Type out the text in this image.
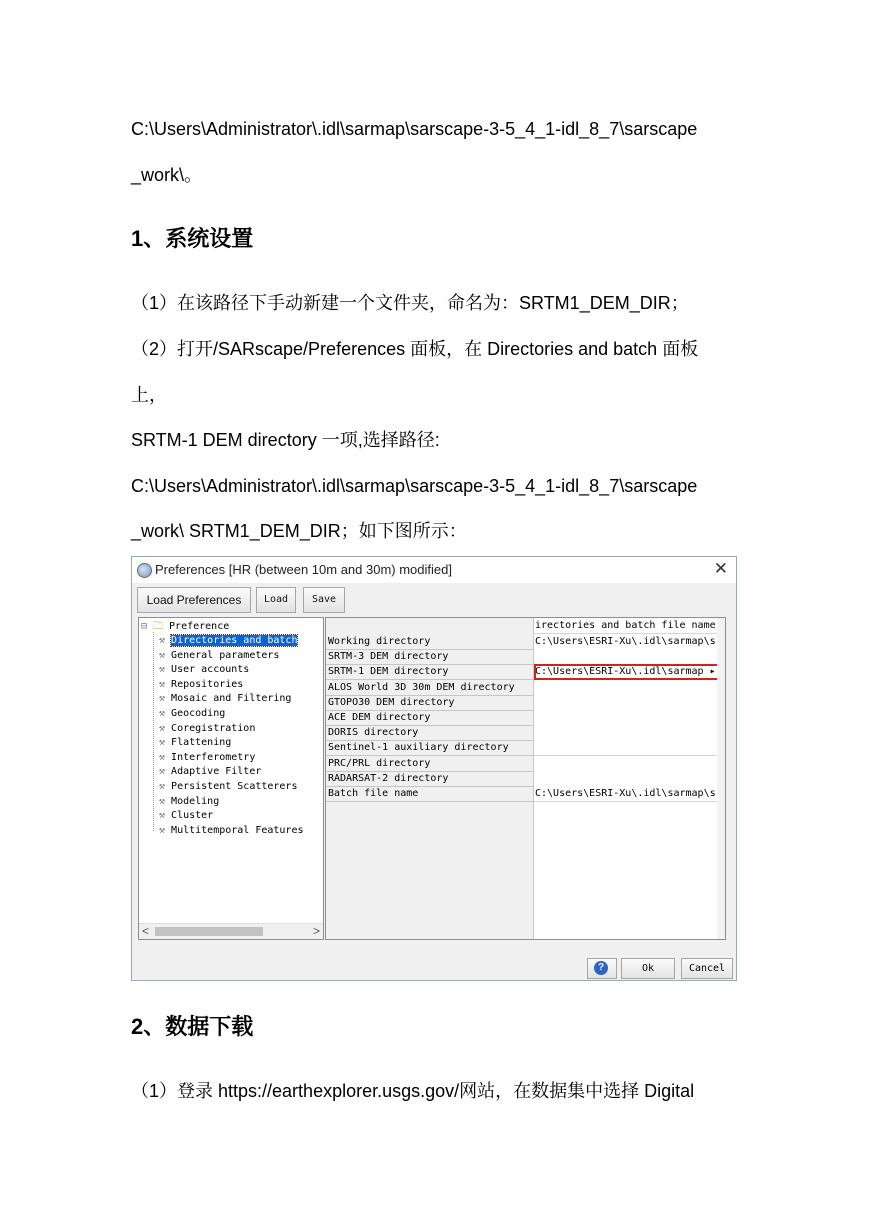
C:\Users\Administrator\.idl\sarmap\sarscape-3-5_4_1-idl_8_7\sarscape
_work\。
1、系统设置
（1）在该路径下手动新建一个文件夹，命名为：SRTM1_DEM_DIR；
（2）打开/SARscape/Preferences 面板，在 Directories and batch 面板
上，
SRTM-1 DEM directory 一项,选择路径:
C:\Users\Administrator\.idl\sarmap\sarscape-3-5_4_1-idl_8_7\sarscape
_work\ SRTM1_DEM_DIR；如下图所示：
Preferences [HR (between 10m and 30m) modified]	✕
Load Preferences	Load	Save
⊟ 🗀 Preference
⚒ Directories and batch
⚒ General parameters
⚒ User accounts
⚒ Repositories
⚒ Mosaic and Filtering
⚒ Geocoding
⚒ Coregistration
⚒ Flattening
⚒ Interferometry
⚒ Adaptive Filter
⚒ Persistent Scatterers
⚒ Modeling
⚒ Cluster
⚒ Multitemporal Features
<	>
irectories and batch file name
Working directory	C:\Users\ESRI-Xu\.idl\sarmap\s
SRTM-3 DEM directory
SRTM-1 DEM directory	C:\Users\ESRI-Xu\.idl\sarmap ▸
ALOS World 3D 30m DEM directory
GTOPO30 DEM directory
ACE DEM directory
DORIS directory
Sentinel-1 auxiliary directory
PRC/PRL directory
RADARSAT-2 directory
Batch file name	C:\Users\ESRI-Xu\.idl\sarmap\s
?	Ok	Cancel
2、数据下载
（1）登录 https://earthexplorer.usgs.gov/网站，在数据集中选择 Digital
